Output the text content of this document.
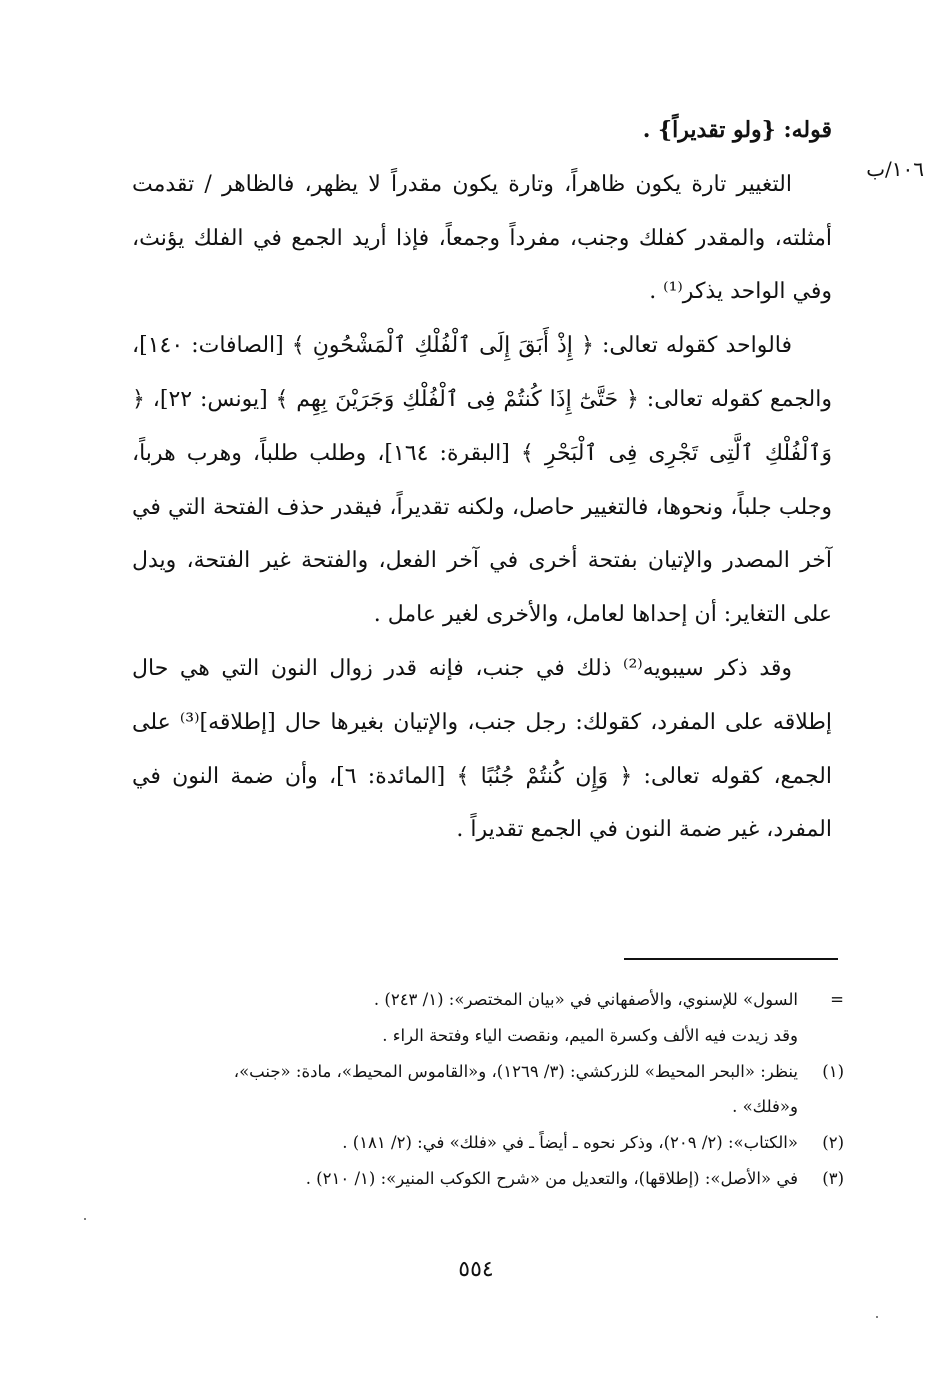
١٠٦/ب

قوله: {ولو تقديراً} .

التغيير تارة يكون ظاهراً، وتارة يكون مقدراً لا يظهر، فالظاهر / تقدمت أمثلته، والمقدر كفلك وجنب، مفرداً وجمعاً، فإذا أريد الجمع في الفلك يؤنث، وفي الواحد يذكر⁽¹⁾ .

فالواحد كقوله تعالى: ﴿ إِذْ أَبَقَ إِلَى ٱلْفُلْكِ ٱلْمَشْحُونِ ﴾ [الصافات: ١٤٠]، والجمع كقوله تعالى: ﴿ حَتَّىٰٓ إِذَا كُنتُمْ فِى ٱلْفُلْكِ وَجَرَيْنَ بِهِم ﴾ [يونس: ٢٢]، ﴿ وَٱلْفُلْكِ ٱلَّتِى تَجْرِى فِى ٱلْبَحْرِ ﴾ [البقرة: ١٦٤]، وطلب طلباً، وهرب هرباً، وجلب جلباً، ونحوها، فالتغيير حاصل، ولكنه تقديراً، فيقدر حذف الفتحة التي في آخر المصدر والإتيان بفتحة أخرى في آخر الفعل، والفتحة غير الفتحة، ويدل على التغاير: أن إحداها لعامل، والأخرى لغير عامل .

وقد ذكر سيبويه⁽²⁾ ذلك في جنب، فإنه قدر زوال النون التي هي حال إطلاقه على المفرد، كقولك: رجل جنب، والإتيان بغيرها حال [إطلاقه]⁽³⁾ على الجمع، كقوله تعالى: ﴿ وَإِن كُنتُمْ جُنُبًا ﴾ [المائدة: ٦]، وأن ضمة النون في المفرد، غير ضمة النون في الجمع تقديراً .

=
السول» للإسنوي، والأصفهاني في «بيان المختصر»: (١/ ٢٤٣) .
وقد زيدت فيه الألف وكسرة الميم، ونقصت الياء وفتحة الراء .
(١)
ينظر: «البحر المحيط» للزركشي: (٣/ ١٢٦٩)، و«القاموس المحيط»، مادة: «جنب»، و«فلك» .
(٢)
«الكتاب»: (٢/ ٢٠٩)، وذكر نحوه ـ أيضاً ـ في «فلك» في: (٢/ ١٨١) .
(٣)
في «الأصل»: (إطلاقها)، والتعديل من «شرح الكوكب المنير»: (١/ ٢١٠) .
٥٥٤
